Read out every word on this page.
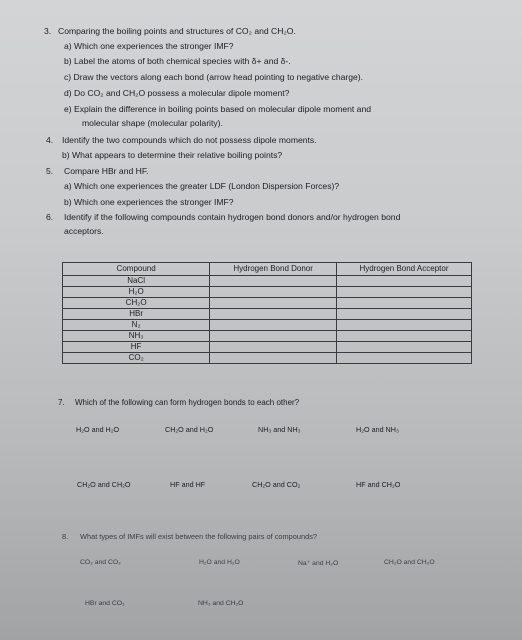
3. Comparing the boiling points and structures of CO₂ and CH₂O.
a) Which one experiences the stronger IMF?
b) Label the atoms of both chemical species with δ+ and δ-.
c) Draw the vectors along each bond (arrow head pointing to negative charge).
d) Do CO₂ and CH₂O possess a molecular dipole moment?
e) Explain the difference in boiling points based on molecular dipole moment and
molecular shape (molecular polarity).
4. Identify the two compounds which do not possess dipole moments.
b) What appears to determine their relative boiling points?
5. Compare HBr and HF.
a) Which one experiences the greater LDF (London Dispersion Forces)?
b) Which one experiences the stronger IMF?
6. Identify if the following compounds contain hydrogen bond donors and/or hydrogen bond
acceptors.
Compound	Hydrogen Bond Donor	Hydrogen Bond Acceptor
NaCl		
H₂O		
CH₂O		
HBr		
N₂		
NH₃		
HF		
CO₂		
7. Which of the following can form hydrogen bonds to each other?
H₂O and H₂O	CH₂O and H₂O	NH₃ and NH₃	H₂O and NH₃
CH₂O and CH₂O	HF and HF	CH₂O and CO₂	HF and CH₂O
8. What types of IMFs will exist between the following pairs of compounds?
CO₂ and CO₂	H₂O and H₂O	Na⁺ and H₂O	CH₂O and CH₂O
HBr and CO₂	NH₃ and CH₂O
